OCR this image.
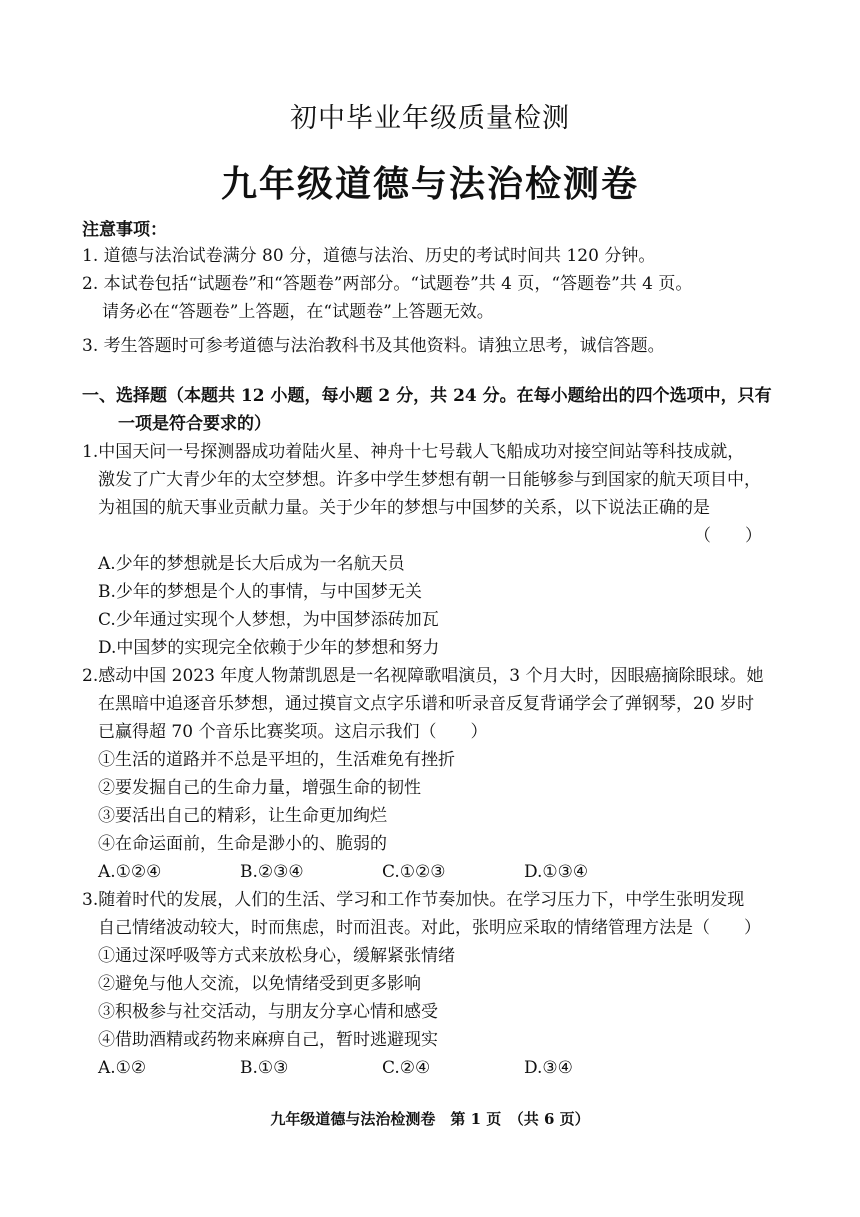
初中毕业年级质量检测
九年级道德与法治检测卷
注意事项：
1. 道德与法治试卷满分 80 分，道德与法治、历史的考试时间共 120 分钟。
2. 本试卷包括“试题卷”和“答题卷”两部分。“试题卷”共 4 页，“答题卷”共 4 页。
请务必在“答题卷”上答题，在“试题卷”上答题无效。
3. 考生答题时可参考道德与法治教科书及其他资料。请独立思考，诚信答题。
一、选择题（本题共 12 小题，每小题 2 分，共 24 分。在每小题给出的四个选项中，只有
一项是符合要求的）
1.中国天问一号探测器成功着陆火星、神舟十七号载人飞船成功对接空间站等科技成就，
激发了广大青少年的太空梦想。许多中学生梦想有朝一日能够参与到国家的航天项目中，
为祖国的航天事业贡献力量。关于少年的梦想与中国梦的关系，以下说法正确的是
（　　）
A.少年的梦想就是长大后成为一名航天员
B.少年的梦想是个人的事情，与中国梦无关
C.少年通过实现个人梦想，为中国梦添砖加瓦
D.中国梦的实现完全依赖于少年的梦想和努力
2.感动中国 2023 年度人物萧凯恩是一名视障歌唱演员，3 个月大时，因眼癌摘除眼球。她
在黑暗中追逐音乐梦想，通过摸盲文点字乐谱和听录音反复背诵学会了弹钢琴，20 岁时
已赢得超 70 个音乐比赛奖项。这启示我们（　　）
①生活的道路并不总是平坦的，生活难免有挫折
②要发掘自己的生命力量，增强生命的韧性
③要活出自己的精彩，让生命更加绚烂
④在命运面前，生命是渺小的、脆弱的
A.①②④	B.②③④	C.①②③	D.①③④
3.随着时代的发展，人们的生活、学习和工作节奏加快。在学习压力下，中学生张明发现
自己情绪波动较大，时而焦虑，时而沮丧。对此，张明应采取的情绪管理方法是（　　）
①通过深呼吸等方式来放松身心，缓解紧张情绪
②避免与他人交流，以免情绪受到更多影响
③积极参与社交活动，与朋友分享心情和感受
④借助酒精或药物来麻痹自己，暂时逃避现实
A.①②	B.①③	C.②④	D.③④
九年级道德与法治检测卷　第 1 页　（共 6 页）
